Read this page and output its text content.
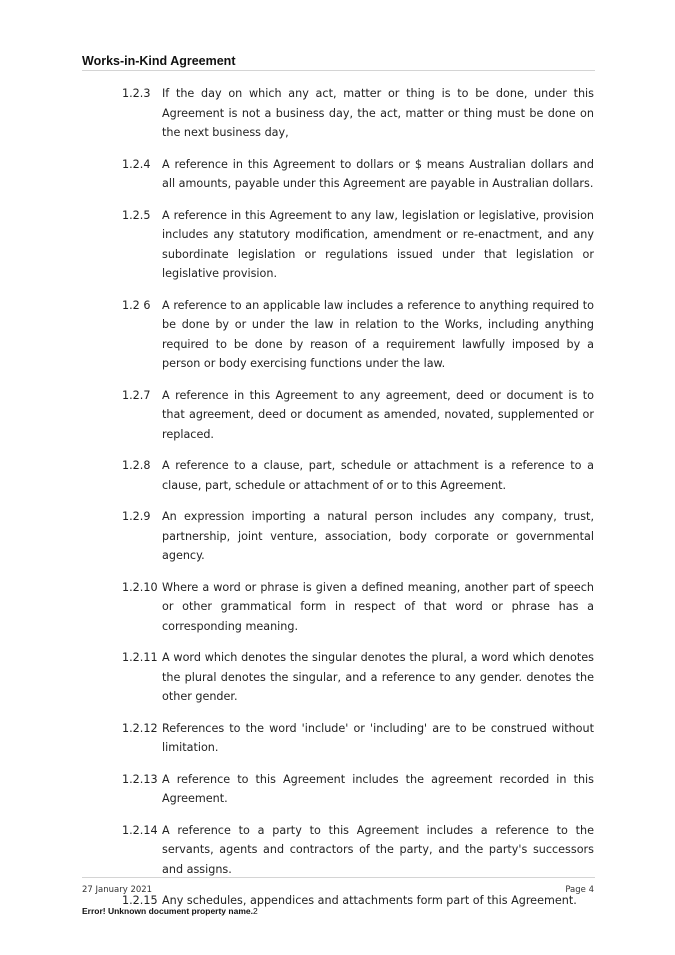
Works-in-Kind Agreement
1.2.3	If the day on which any act, matter or thing is to be done, under this Agreement is not a business day, the act, matter or thing must be done on the next business day,
1.2.4	A reference in this Agreement to dollars or $ means Australian dollars and all amounts, payable under this Agreement are payable in Australian dollars.
1.2.5	A reference in this Agreement to any law, legislation or legislative, provision includes any statutory modification, amendment or re-enactment, and any subordinate legislation or regulations issued under that legislation or legislative provision.
1.2 6	A reference to an applicable law includes a reference to anything required to be done by or under the law in relation to the Works, including anything required to be done by reason of a requirement lawfully imposed by a person or body exercising functions under the law.
1.2.7	A reference in this Agreement to any agreement, deed or document is to that agreement, deed or document as amended, novated, supplemented or replaced.
1.2.8	A reference to a clause, part, schedule or attachment is a reference to a clause, part, schedule or attachment of or to this Agreement.
1.2.9	An expression importing a natural person includes any company, trust, partnership, joint venture, association, body corporate or governmental agency.
1.2.10 Where a word or phrase is given a defined meaning, another part of speech or other grammatical form in respect of that word or phrase has a corresponding meaning.
1.2.11 A word which denotes the singular denotes the plural, a word which denotes the plural denotes the singular, and a reference to any gender. denotes the other gender.
1.2.12 References to the word 'include' or 'including' are to be construed without limitation.
1.2.13 A reference to this Agreement includes the agreement recorded in this Agreement.
1.2.14 A reference to a party to this Agreement includes a reference to the servants, agents and contractors of the party, and the party's successors and assigns.
1.2.15 Any schedules, appendices and attachments form part of this Agreement.
27 January 2021	Page 4
Error! Unknown document property name.2
